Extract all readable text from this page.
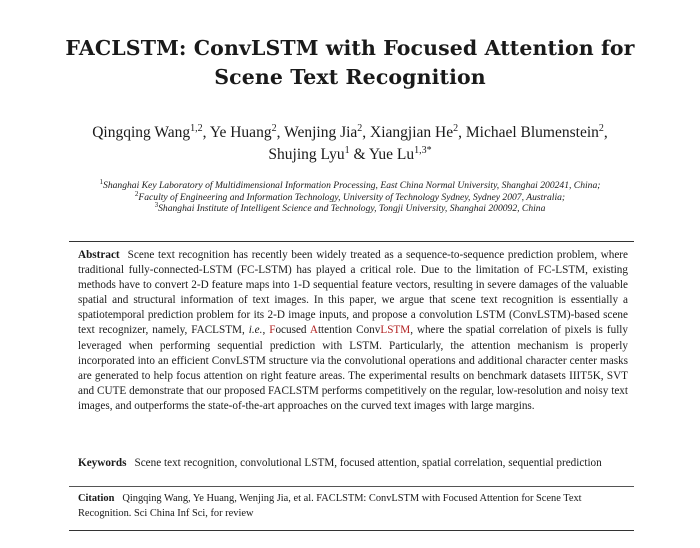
FACLSTM: ConvLSTM with Focused Attention for
Scene Text Recognition
Qingqing Wang$^{1,2}$, Ye Huang$^2$, Wenjing Jia$^2$, Xiangjian He$^2$, Michael Blumenstein$^2$,
Shujing Lyu$^1$ & Yue $Lu^{1,3*}$
$^1$Shanghai Key Laboratory of Multidimensional Information Processing, East China Normal University, Shanghai 200241, China;
$^2$Faculty of Engineering and Information Technology, University of Technology Sydney, Sydney 2007, Australia;
$^3$Shanghai Institute of Intelligent Science and Technology, Tongji University, Shanghai 200092, China
Abstract Scene text recognition has recently been widely treated as a sequence-to-sequence prediction problem, where traditional fully-connected-LSTM (FC-LSTM) has played a critical role. Due to the limitation of FC-LSTM, existing methods have to convert 2-D feature maps into 1-D sequential feature vectors, resulting in severe damages of the valuable spatial and structural information of text images. In this paper, we argue that scene text recognition is essentially a spatiotemporal prediction problem for its 2-D image inputs, and propose a convolution LSTM (ConvLSTM)-based scene text recognizer, namely, FACLSTM, i.e., Focused Attention ConvLSTM, where the spatial correlation of pixels is fully leveraged when performing sequential prediction with LSTM. Particularly, the attention mechanism is properly incorporated into an efficient ConvLSTM structure via the convolutional operations and additional character center masks are generated to help focus attention on right feature areas. The experimental results on benchmark datasets IIIT5K, SVT and CUTE demonstrate that our proposed FACLSTM performs competitively on the regular, low-resolution and noisy text images, and outperforms the state-of-the-art approaches on the curved text images with large margins.
Keywords Scene text recognition, convolutional LSTM, focused attention, spatial correlation, sequential prediction
Citation Qingqing Wang, Ye Huang, Wenjing Jia, et al. FACLSTM: ConvLSTM with Focused Attention for Scene Text Recognition. Sci China Inf Sci, for review
